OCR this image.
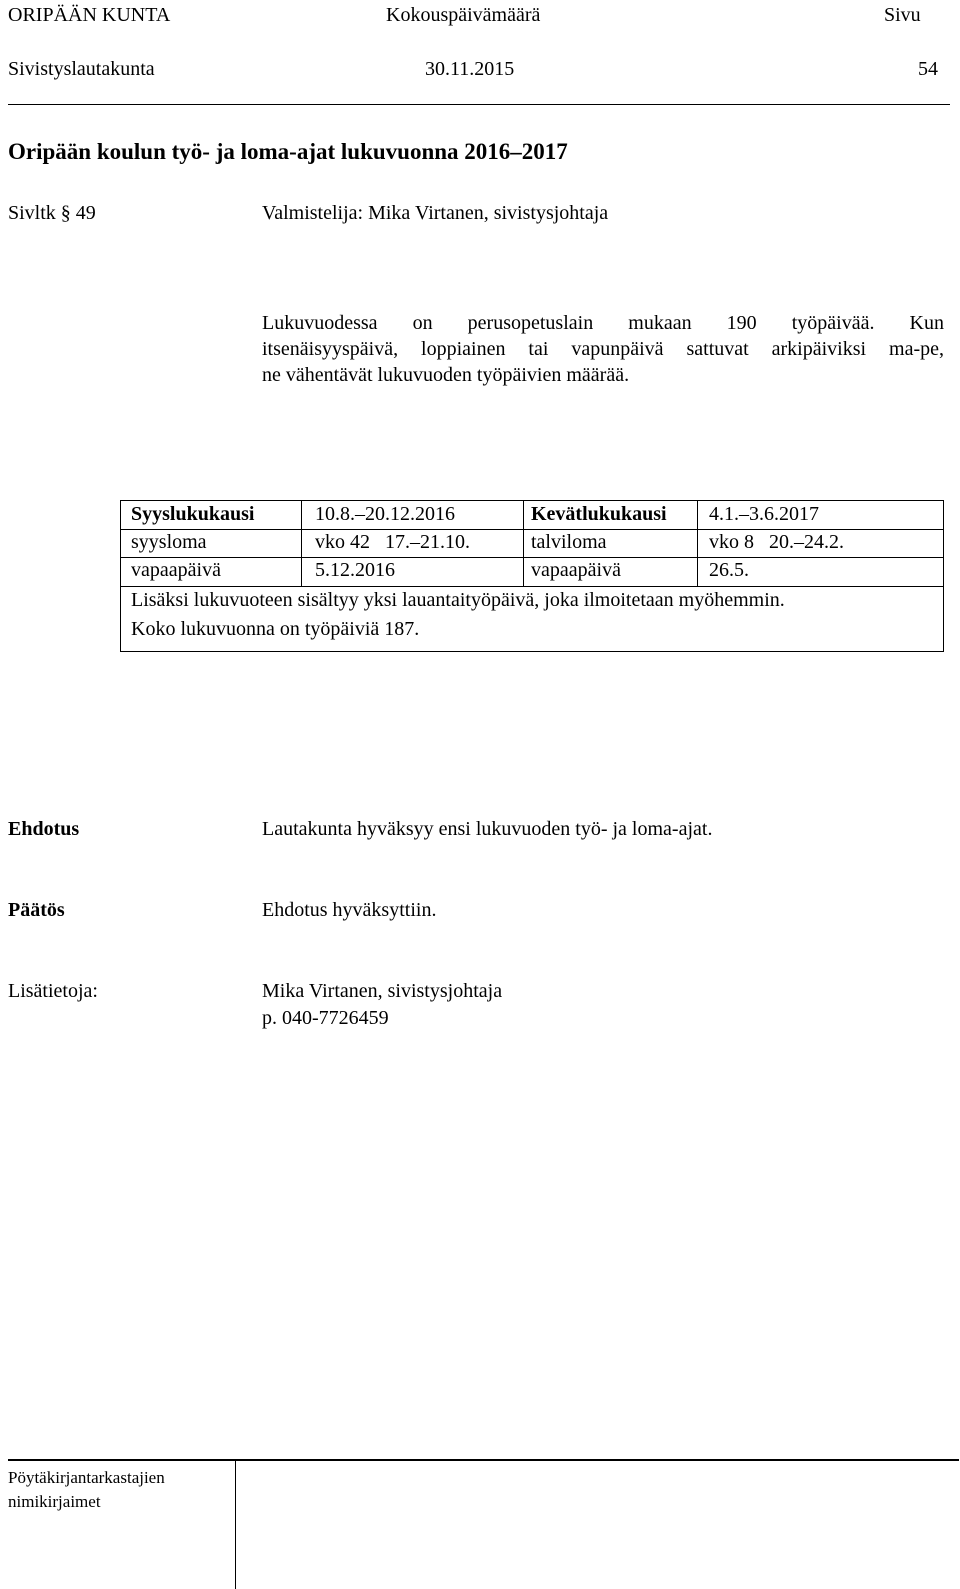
ORIPÄÄN KUNTA	Kokouspäivämäärä	Sivu
Sivistyslautakunta	30.11.2015	54
Oripään koulun työ- ja loma-ajat lukuvuonna 2016–2017
Sivltk § 49	Valmistelija: Mika Virtanen, sivistysjohtaja
Lukuvuodessa on perusopetuslain mukaan 190 työpäivää. Kun
itsenäisyyspäivä, loppiainen tai vapunpäivä sattuvat arkipäiviksi ma-pe,
ne vähentävät lukuvuoden työpäivien määrää.
Syyslukukausi	10.8.–20.12.2016	Kevätlukukausi 4.1.–3.6.2017
syysloma	vko 42   17.–21.10.	talviloma	vko 8   20.–24.2.
vapaapäivä	5.12.2016	vapaapäivä	26.5.
Lisäksi lukuvuoteen sisältyy yksi lauantaityöpäivä, joka ilmoitetaan myöhemmin.
Koko lukuvuonna on työpäiviä 187.
Ehdotus	Lautakunta hyväksyy ensi lukuvuoden työ- ja loma-ajat.
Päätös	Ehdotus hyväksyttiin.
Lisätietoja:	Mika Virtanen, sivistysjohtaja
p. 040-7726459
Pöytäkirjantarkastajien
nimikirjaimet
